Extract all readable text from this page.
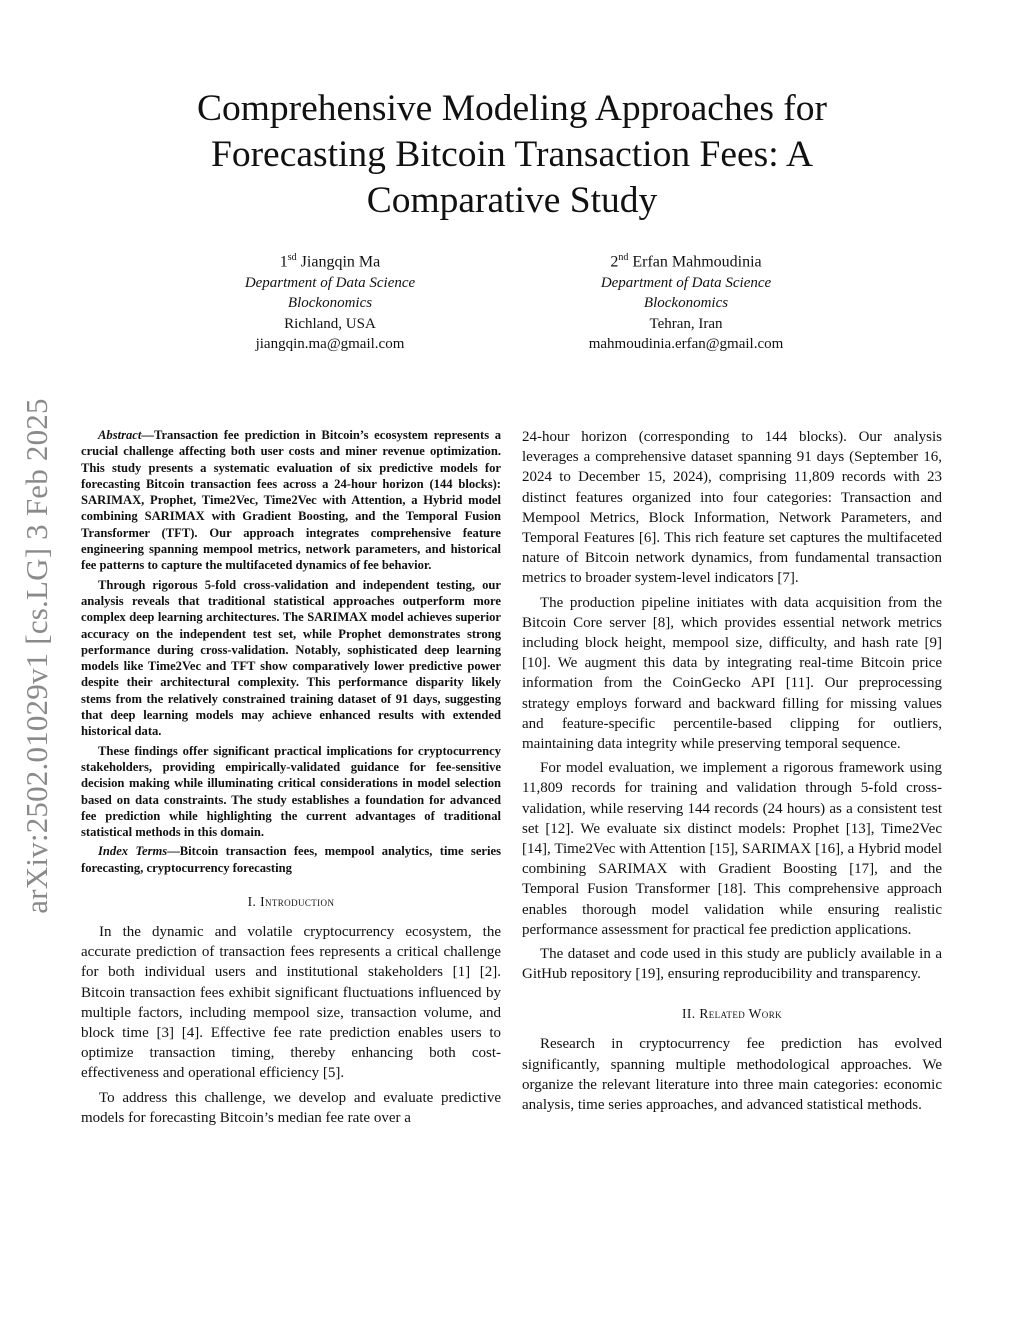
arXiv:2502.01029v1 [cs.LG] 3 Feb 2025
Comprehensive Modeling Approaches for Forecasting Bitcoin Transaction Fees: A Comparative Study
$1^{sd}$ Jiangqin Ma
Department of Data Science
Blockonomics
Richland, USA
jiangqin.ma@gmail.com
2nd Erfan Mahmoudinia
Department of Data Science
Blockonomics
Tehran, Iran
mahmoudinia.erfan@gmail.com

Abstract—Transaction fee prediction in Bitcoin’s ecosystem represents a crucial challenge affecting both user costs and miner revenue optimization. This study presents a systematic evaluation of six predictive models for forecasting Bitcoin transaction fees across a 24-hour horizon (144 blocks): SARIMAX, Prophet, Time2Vec, Time2Vec with Attention, a Hybrid model combining SARIMAX with Gradient Boosting, and the Temporal Fusion Transformer (TFT). Our approach integrates comprehensive feature engineering spanning mempool metrics, network parameters, and historical fee patterns to capture the multifaceted dynamics of fee behavior.

Through rigorous 5-fold cross-validation and independent testing, our analysis reveals that traditional statistical approaches outperform more complex deep learning architectures. The SARIMAX model achieves superior accuracy on the independent test set, while Prophet demonstrates strong performance during cross-validation. Notably, sophisticated deep learning models like Time2Vec and TFT show comparatively lower predictive power despite their architectural complexity. This performance disparity likely stems from the relatively constrained training dataset of 91 days, suggesting that deep learning models may achieve enhanced results with extended historical data.

These findings offer significant practical implications for cryptocurrency stakeholders, providing empirically-validated guidance for fee-sensitive decision making while illuminating critical considerations in model selection based on data constraints. The study establishes a foundation for advanced fee prediction while highlighting the current advantages of traditional statistical methods in this domain.

Index Terms—Bitcoin transaction fees, mempool analytics, time series forecasting, cryptocurrency forecasting

I. Introduction

In the dynamic and volatile cryptocurrency ecosystem, the accurate prediction of transaction fees represents a critical challenge for both individual users and institutional stakeholders [1] [2]. Bitcoin transaction fees exhibit significant fluctuations influenced by multiple factors, including mempool size, transaction volume, and block time [3] [4]. Effective fee rate prediction enables users to optimize transaction timing, thereby enhancing both cost-effectiveness and operational efficiency [5].

To address this challenge, we develop and evaluate predictive models for forecasting Bitcoin’s median fee rate over a

24-hour horizon (corresponding to 144 blocks). Our analysis leverages a comprehensive dataset spanning 91 days (September 16, 2024 to December 15, 2024), comprising 11,809 records with 23 distinct features organized into four categories: Transaction and Mempool Metrics, Block Information, Network Parameters, and Temporal Features [6]. This rich feature set captures the multifaceted nature of Bitcoin network dynamics, from fundamental transaction metrics to broader system-level indicators [7].

The production pipeline initiates with data acquisition from the Bitcoin Core server [8], which provides essential network metrics including block height, mempool size, difficulty, and hash rate [9] [10]. We augment this data by integrating real-time Bitcoin price information from the CoinGecko API [11]. Our preprocessing strategy employs forward and backward filling for missing values and feature-specific percentile-based clipping for outliers, maintaining data integrity while preserving temporal sequence.

For model evaluation, we implement a rigorous framework using 11,809 records for training and validation through 5-fold cross-validation, while reserving 144 records (24 hours) as a consistent test set [12]. We evaluate six distinct models: Prophet [13], Time2Vec [14], Time2Vec with Attention [15], SARIMAX [16], a Hybrid model combining SARIMAX with Gradient Boosting [17], and the Temporal Fusion Transformer [18]. This comprehensive approach enables thorough model validation while ensuring realistic performance assessment for practical fee prediction applications.

The dataset and code used in this study are publicly available in a GitHub repository [19], ensuring reproducibility and transparency.

II. Related Work

Research in cryptocurrency fee prediction has evolved significantly, spanning multiple methodological approaches. We organize the relevant literature into three main categories: economic analysis, time series approaches, and advanced statistical methods.
